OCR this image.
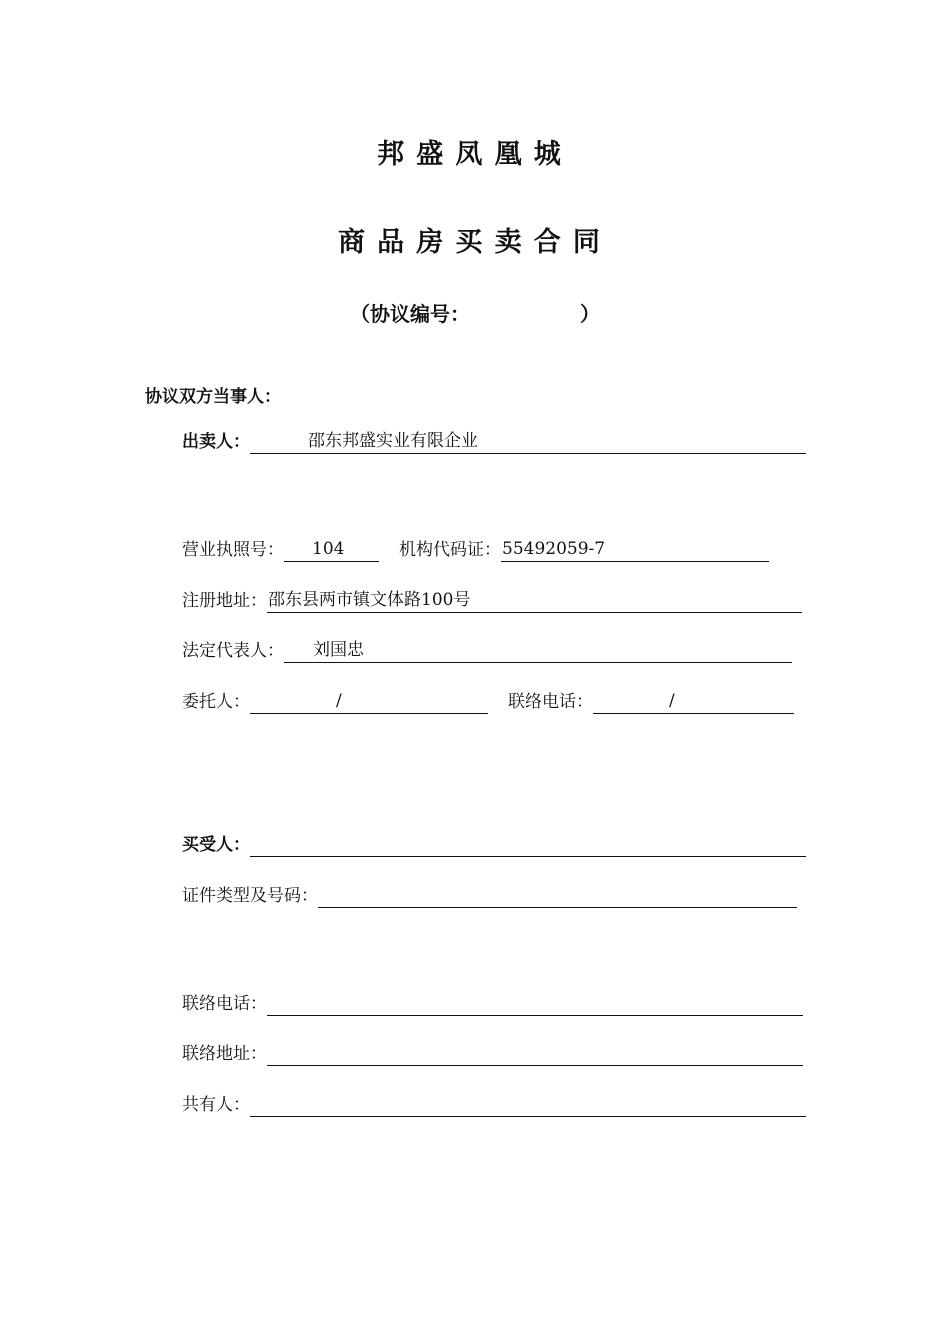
邦盛凤凰城
商品房买卖合同
（协议编号：	）
协议双方当事人：
出卖人：	邵东邦盛实业有限企业
营业执照号： 104	机构代码证： 55492059-7
注册地址： 邵东县两市镇文体路100号
法定代表人： 刘国忠
委托人：	/	联络电话：	/
买受人：
证件类型及号码：
联络电话：
联络地址：
共有人：
